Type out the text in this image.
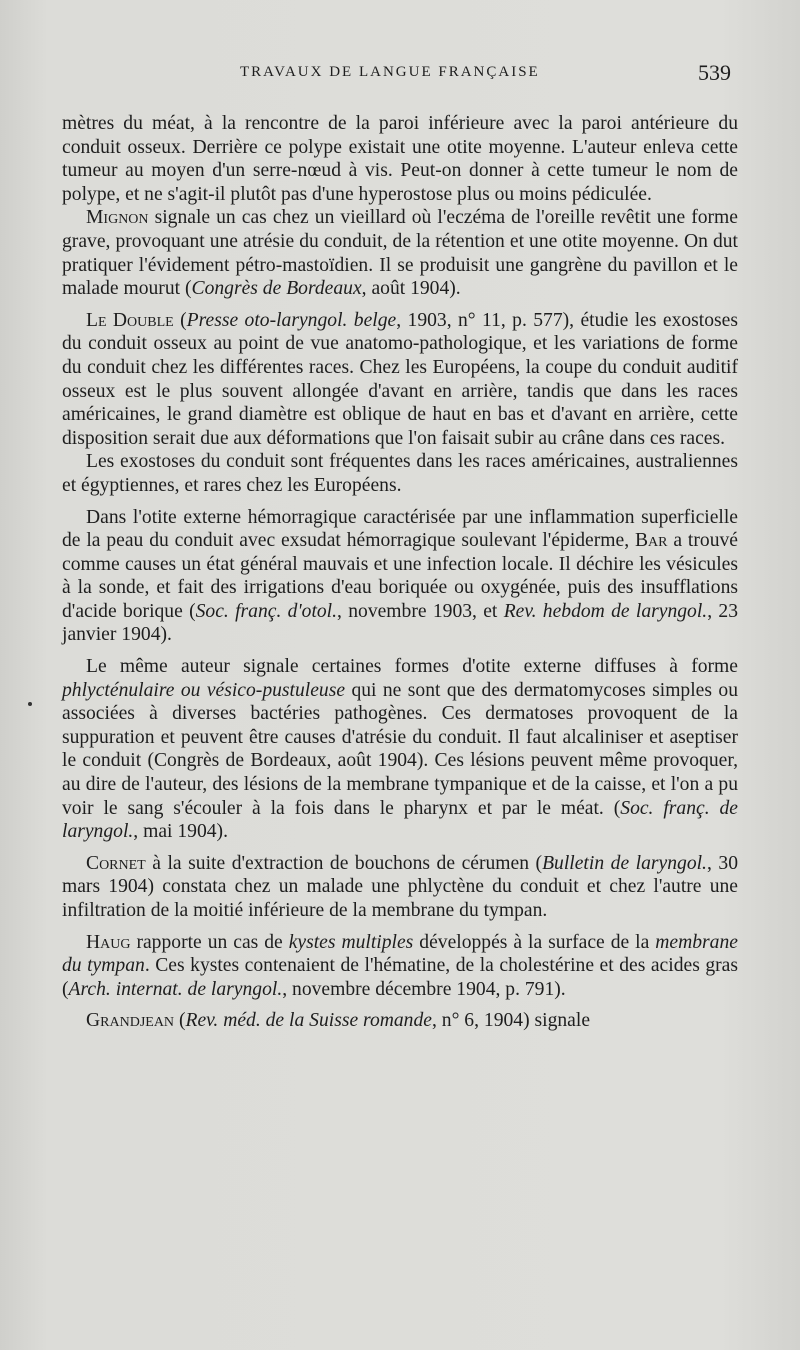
TRAVAUX DE LANGUE FRANÇAISE	539

mètres du méat, à la rencontre de la paroi inférieure avec la paroi antérieure du conduit osseux. Derrière ce polype existait une otite moyenne. L'auteur enleva cette tumeur au moyen d'un serre-nœud à vis. Peut-on donner à cette tumeur le nom de polype, et ne s'agit-il plutôt pas d'une hyperostose plus ou moins pédiculée.

Mignon signale un cas chez un vieillard où l'eczéma de l'oreille revêtit une forme grave, provoquant une atrésie du conduit, de la rétention et une otite moyenne. On dut pratiquer l'évidement pétro-mastoïdien. Il se produisit une gangrène du pavillon et le malade mourut (Congrès de Bordeaux, août 1904).

Le Double (Presse oto-laryngol. belge, 1903, n° 11, p. 577), étudie les exostoses du conduit osseux au point de vue anatomo-pathologique, et les variations de forme du conduit chez les différentes races. Chez les Européens, la coupe du conduit auditif osseux est le plus souvent allongée d'avant en arrière, tandis que dans les races américaines, le grand diamètre est oblique de haut en bas et d'avant en arrière, cette disposition serait due aux déformations que l'on faisait subir au crâne dans ces races.

Les exostoses du conduit sont fréquentes dans les races américaines, australiennes et égyptiennes, et rares chez les Européens.

Dans l'otite externe hémorragique caractérisée par une inflammation superficielle de la peau du conduit avec exsudat hémorragique soulevant l'épiderme, Bar a trouvé comme causes un état général mauvais et une infection locale. Il déchire les vésicules à la sonde, et fait des irrigations d'eau boriquée ou oxygénée, puis des insufflations d'acide borique (Soc. franç. d'otol., novembre 1903, et Rev. hebdom de laryngol., 23 janvier 1904).

Le même auteur signale certaines formes d'otite externe diffuses à forme phlycténulaire ou vésico-pustuleuse qui ne sont que des dermatomycoses simples ou associées à diverses bactéries pathogènes. Ces dermatoses provoquent de la suppuration et peuvent être causes d'atrésie du conduit. Il faut alcaliniser et aseptiser le conduit (Congrès de Bordeaux, août 1904). Ces lésions peuvent même provoquer, au dire de l'auteur, des lésions de la membrane tympanique et de la caisse, et l'on a pu voir le sang s'écouler à la fois dans le pharynx et par le méat. (Soc. franç. de laryngol., mai 1904).

Cornet à la suite d'extraction de bouchons de cérumen (Bulletin de laryngol., 30 mars 1904) constata chez un malade une phlyctène du conduit et chez l'autre une infiltration de la moitié inférieure de la membrane du tympan.

Haug rapporte un cas de kystes multiples développés à la surface de la membrane du tympan. Ces kystes contenaient de l'hématine, de la cholestérine et des acides gras (Arch. internat. de laryngol., novembre décembre 1904, p. 791).

Grandjean (Rev. méd. de la Suisse romande, n° 6, 1904) signale
